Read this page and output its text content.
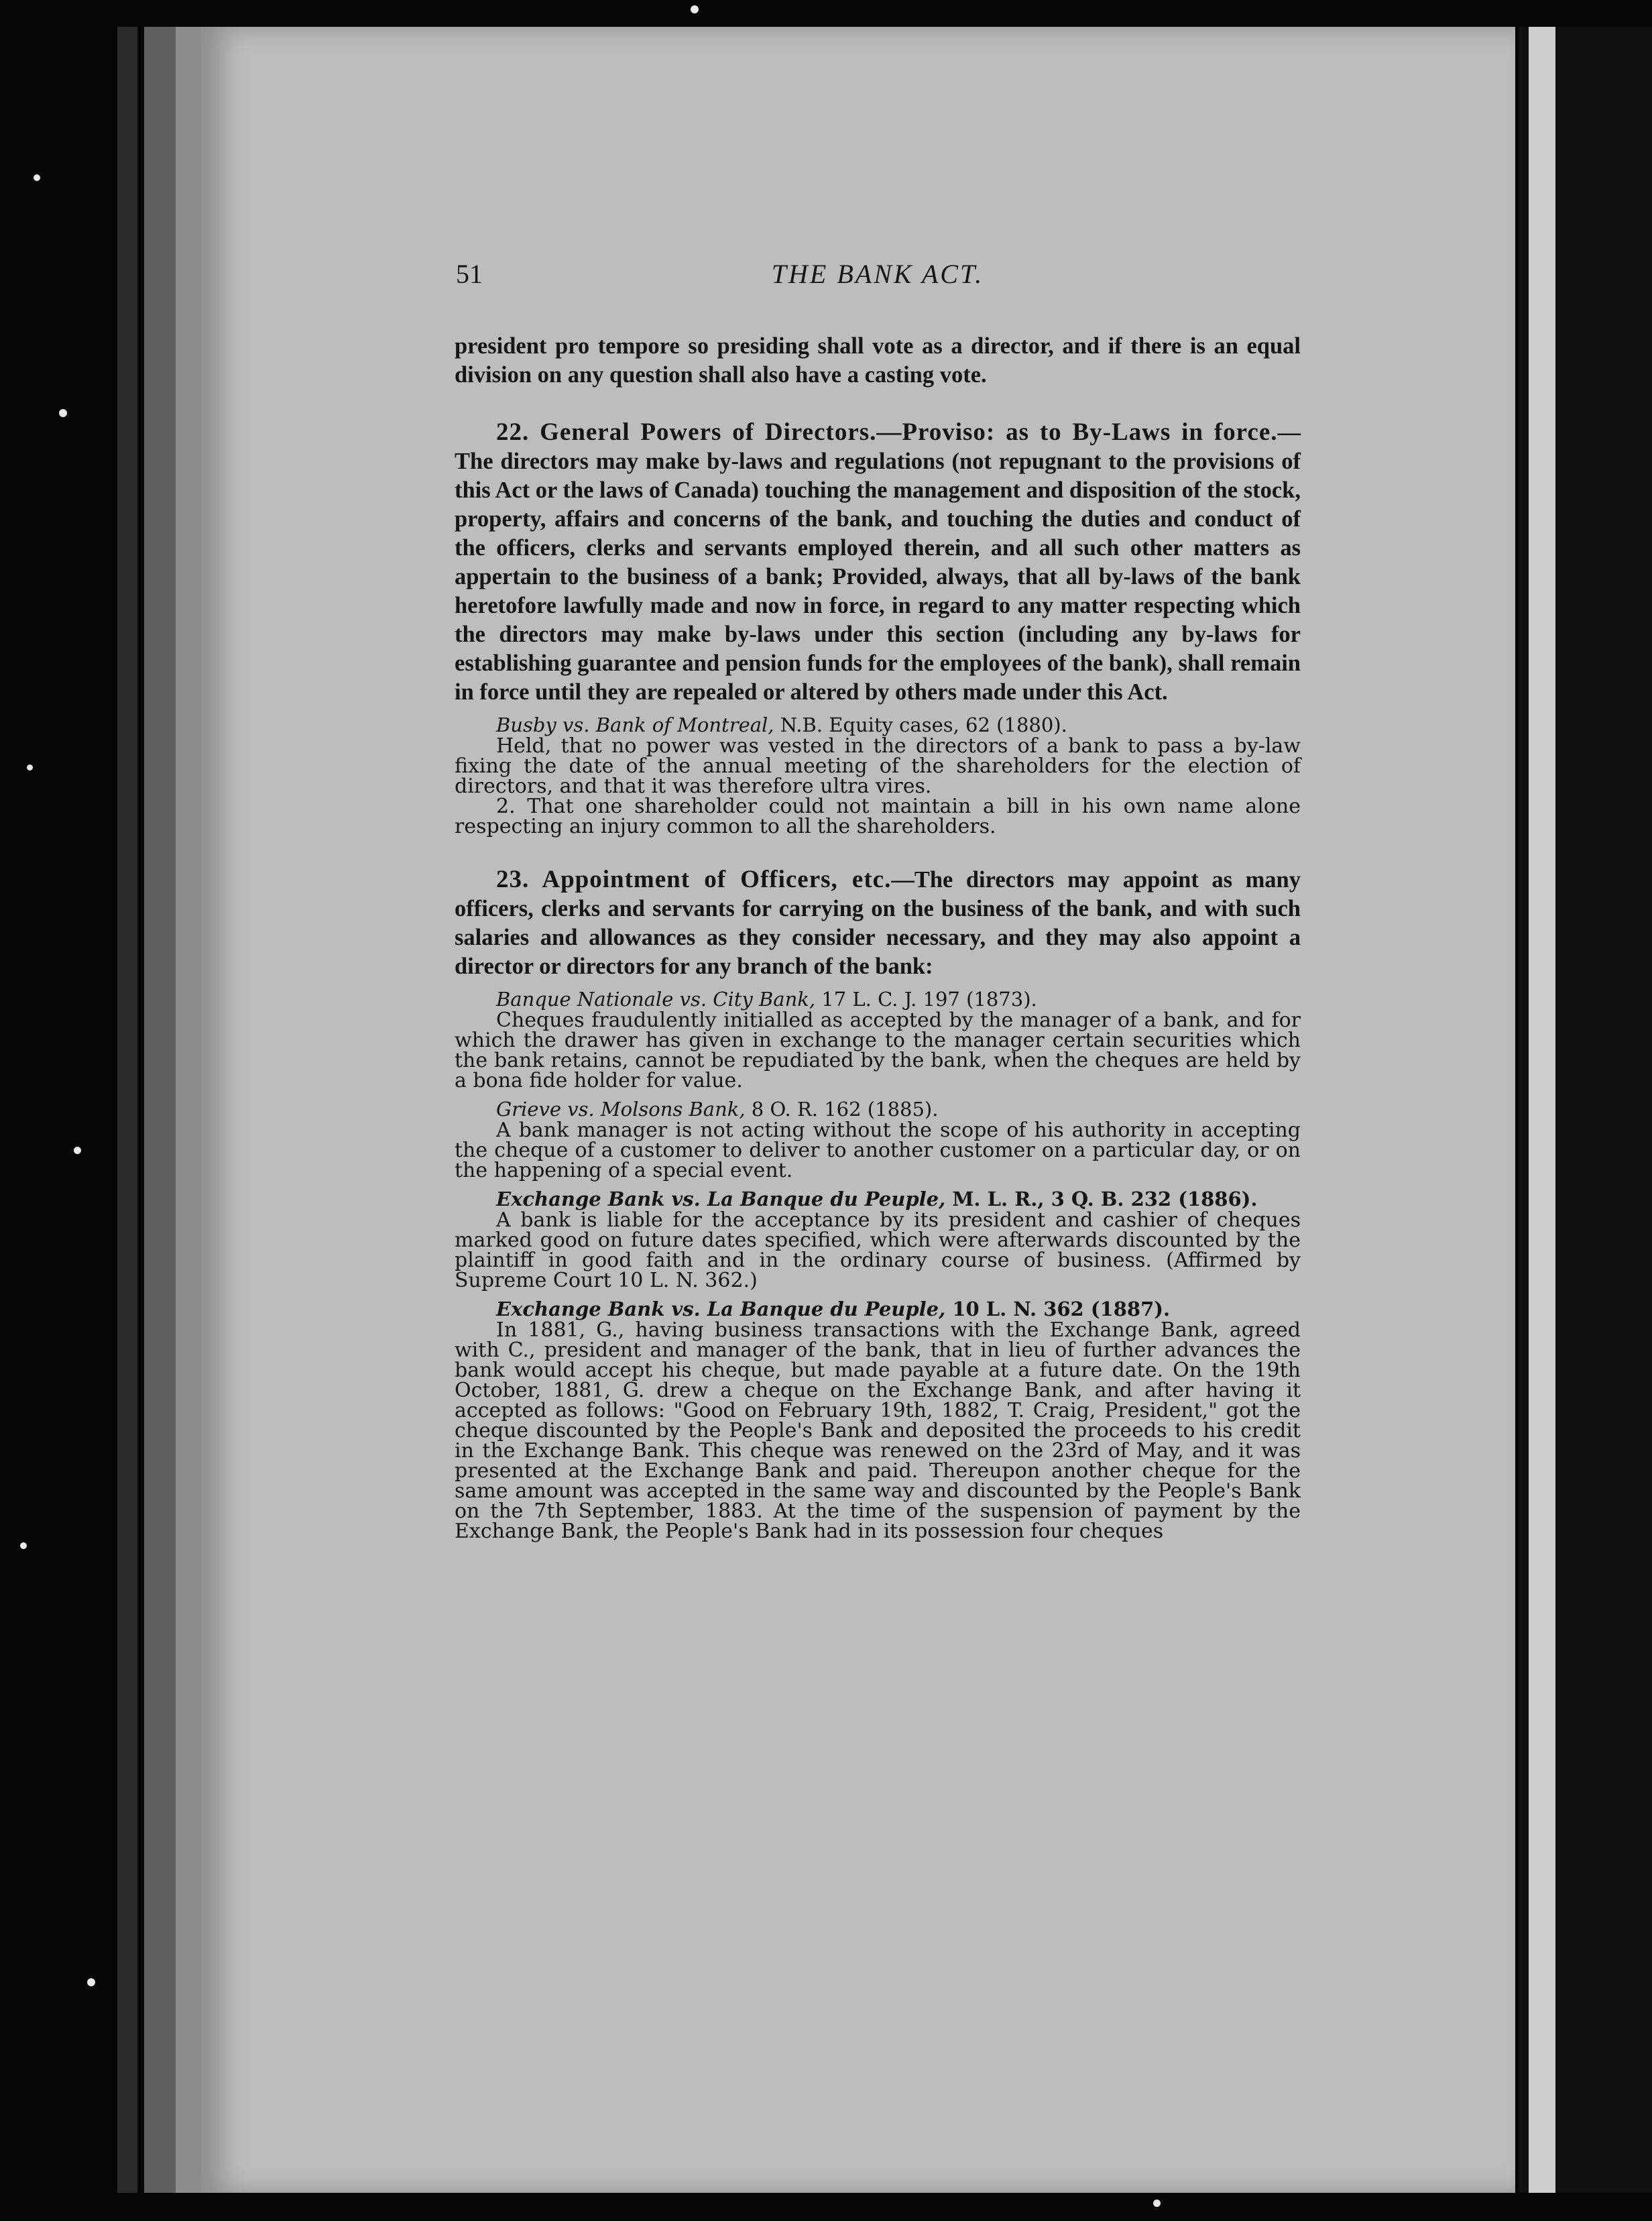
51	THE BANK ACT.

president pro tempore so presiding shall vote as a director, and if there is an equal division on any question shall also have a casting vote.

22. General Powers of Directors.—Proviso: as to By-Laws in force.—The directors may make by-laws and regulations (not repugnant to the provisions of this Act or the laws of Canada) touching the management and disposition of the stock, property, affairs and concerns of the bank, and touching the duties and conduct of the officers, clerks and servants employed therein, and all such other matters as appertain to the business of a bank; Provided, always, that all by-laws of the bank heretofore lawfully made and now in force, in regard to any matter respecting which the directors may make by-laws under this section (including any by-laws for establishing guarantee and pension funds for the employees of the bank), shall remain in force until they are repealed or altered by others made under this Act.

Busby vs. Bank of Montreal, N.B. Equity cases, 62 (1880).

Held, that no power was vested in the directors of a bank to pass a by-law fixing the date of the annual meeting of the shareholders for the election of directors, and that it was therefore ultra vires.

2. That one shareholder could not maintain a bill in his own name alone respecting an injury common to all the shareholders.

23. Appointment of Officers, etc.—The directors may appoint as many officers, clerks and servants for carrying on the business of the bank, and with such salaries and allowances as they consider necessary, and they may also appoint a director or directors for any branch of the bank:

Banque Nationale vs. City Bank, 17 L. C. J. 197 (1873).

Cheques fraudulently initialled as accepted by the manager of a bank, and for which the drawer has given in exchange to the manager certain securities which the bank retains, cannot be repudiated by the bank, when the cheques are held by a bona fide holder for value.

Grieve vs. Molsons Bank, 8 O. R. 162 (1885).

A bank manager is not acting without the scope of his authority in accepting the cheque of a customer to deliver to another customer on a particular day, or on the happening of a special event.

Exchange Bank vs. La Banque du Peuple, M. L. R., 3 Q. B. 232 (1886).

A bank is liable for the acceptance by its president and cashier of cheques marked good on future dates specified, which were afterwards discounted by the plaintiff in good faith and in the ordinary course of business. (Affirmed by Supreme Court 10 L. N. 362.)

Exchange Bank vs. La Banque du Peuple, 10 L. N. 362 (1887).

In 1881, G., having business transactions with the Exchange Bank, agreed with C., president and manager of the bank, that in lieu of further advances the bank would accept his cheque, but made payable at a future date. On the 19th October, 1881, G. drew a cheque on the Exchange Bank, and after having it accepted as follows: "Good on February 19th, 1882, T. Craig, President," got the cheque discounted by the People's Bank and deposited the proceeds to his credit in the Exchange Bank. This cheque was renewed on the 23rd of May, and it was presented at the Exchange Bank and paid. Thereupon another cheque for the same amount was accepted in the same way and discounted by the People's Bank on the 7th September, 1883. At the time of the suspension of payment by the Exchange Bank, the People's Bank had in its possession four cheques
